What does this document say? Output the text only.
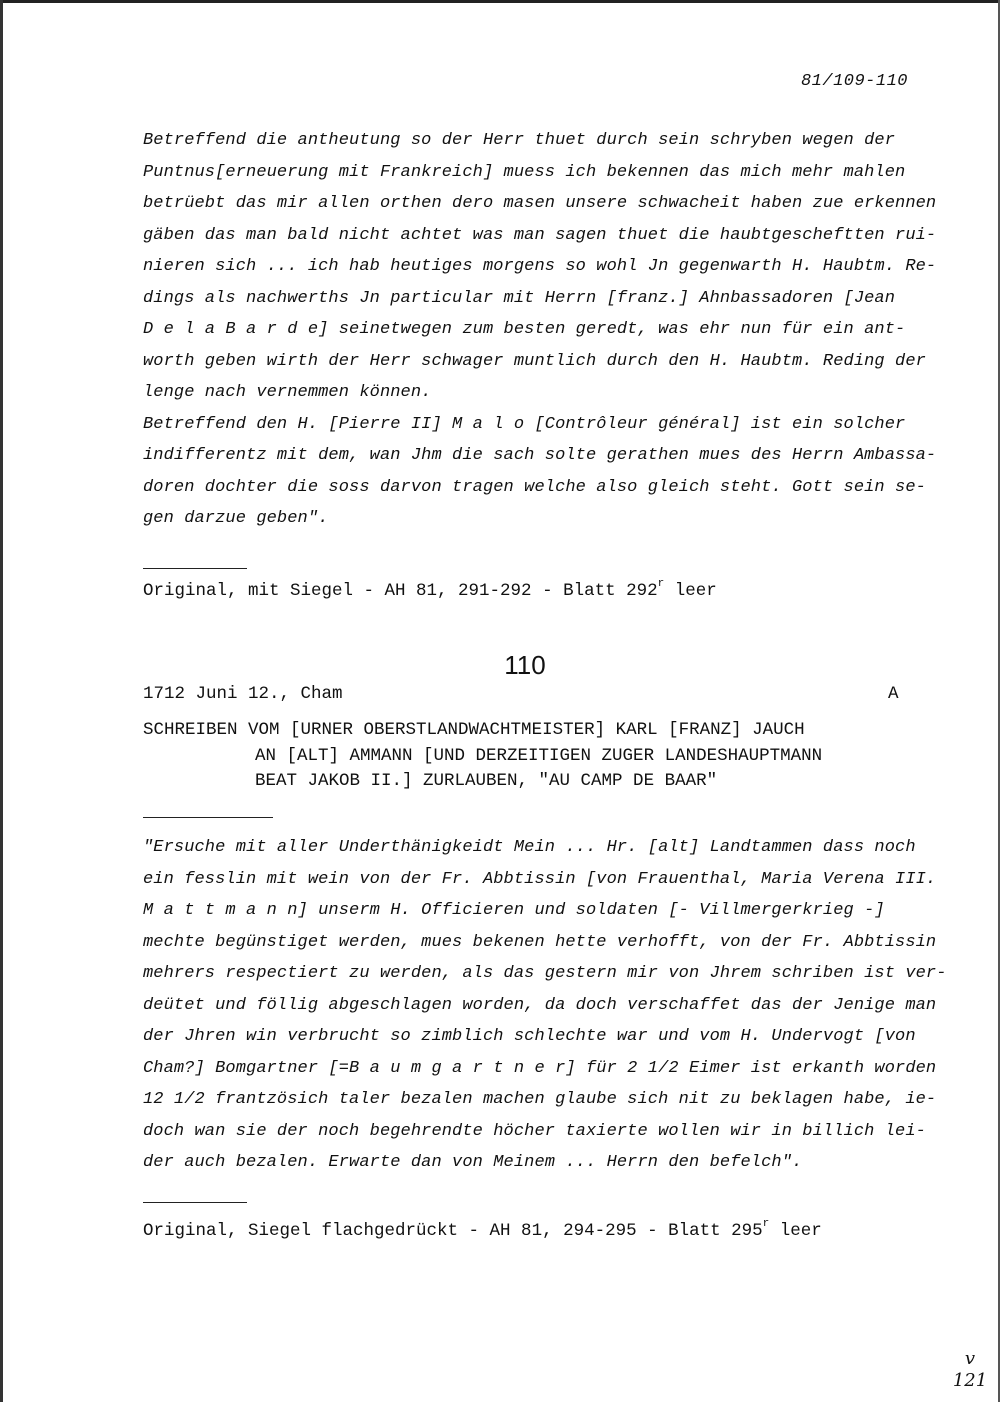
81/109-110

Betreffend die antheutung so der Herr thuet durch sein schryben wegen der
Puntnus[erneuerung mit Frankreich] muess ich bekennen das mich mehr mahlen
betrüebt das mir allen orthen dero masen unsere schwacheit haben zue erkennen
gäben das man bald nicht achtet was man sagen thuet die haubtgescheftten rui-
nieren sich ... ich hab heutiges morgens so wohl Jn gegenwarth H. Haubtm. Re-
dings als nachwerths Jn particular mit Herrn [franz.] Ahnbassadoren [Jean
D e l a B a r d e] seinetwegen zum besten geredt, was ehr nun für ein ant-
worth geben wirth der Herr schwager muntlich durch den H. Haubtm. Reding der
lenge nach vernemmen können.
Betreffend den H. [Pierre II] M a l o [Contrôleur général] ist ein solcher
indifferentz mit dem, wan Jhm die sach solte gerathen mues des Herrn Ambassa-
doren dochter die soss darvon tragen welche also gleich steht. Gott sein se-
gen darzue geben".

Original, mit Siegel - AH 81, 291-292 - Blatt 292$^r$ leer
110
1712 Juni 12., Cham	A
SCHREIBEN VOM [URNER OBERSTLANDWACHTMEISTER] KARL [FRANZ] JAUCH
AN [ALT] AMMANN [UND DERZEITIGEN ZUGER LANDESHAUPTMANN
BEAT JAKOB II.] ZURLAUBEN, "AU CAMP DE BAAR"

"Ersuche mit aller Underthänigkeidt Mein ... Hr. [alt] Landtammen dass noch
ein fesslin mit wein von der Fr. Abbtissin [von Frauenthal, Maria Verena III.
M a t t m a n n] unserm H. Officieren und soldaten [- Villmergerkrieg -]
mechte begünstiget werden, mues bekenen hette verhofft, von der Fr. Abbtissin
mehrers respectiert zu werden, als das gestern mir von Jhrem schriben ist ver-
deütet und föllig abgeschlagen worden, da doch verschaffet das der Jenige man
der Jhren win verbrucht so zimblich schlechte war und vom H. Undervogt [von
Cham?] Bomgartner [=B a u m g a r t n e r] für 2 1/2 Eimer ist erkanth worden
12 1/2 frantzösich taler bezalen machen glaube sich nit zu beklagen habe, ie-
doch wan sie der noch begehrendte höcher taxierte wollen wir in billich lei-
der auch bezalen. Erwarte dan von Meinem ... Herrn den befelch".

Original, Siegel flachgedrückt - AH 81, 294-295 - Blatt 295$^r$ leer
v
121
